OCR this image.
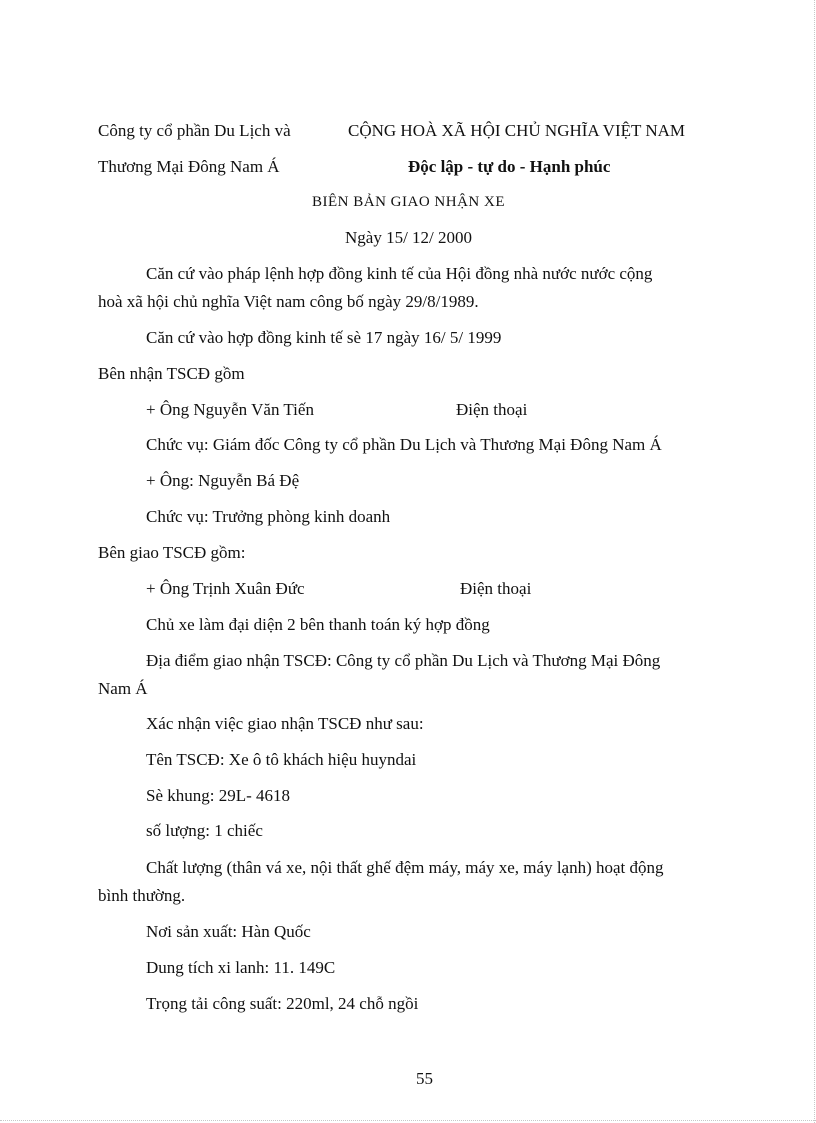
Công ty cổ phần Du Lịch và	CỘNG HOÀ XÃ HỘI CHỦ NGHĨA VIỆT NAM
Thương Mại Đông Nam Á	Độc lập - tự do - Hạnh phúc
BIÊN BẢN GIAO NHẬN XE
Ngày 15/ 12/ 2000
Căn cứ vào pháp lệnh hợp đồng kinh tế của Hội đồng nhà nước nước cộng
hoà xã hội chủ nghĩa Việt nam công bố ngày 29/8/1989.
Căn cứ vào hợp đồng kinh tế sè 17 ngày 16/ 5/ 1999
Bên nhận TSCĐ gồm
+ Ông Nguyễn Văn Tiến	Điện thoại
Chức vụ: Giám đốc Công ty cổ phần Du Lịch và Thương Mại Đông Nam Á
+ Ông: Nguyễn Bá Đệ
Chức vụ: Trưởng phòng kinh doanh
Bên giao TSCĐ gồm:
+ Ông Trịnh Xuân Đức	Điện thoại
Chủ xe làm đại diện 2 bên thanh toán ký hợp đồng
Địa điểm giao nhận TSCĐ: Công ty cổ phần Du Lịch và Thương Mại Đông
Nam Á
Xác nhận việc giao nhận TSCĐ như sau:
Tên TSCĐ: Xe ô tô khách hiệu huyndai
Sè khung: 29L- 4618
số lượng: 1 chiếc
Chất lượng (thân vá xe, nội thất ghế đệm máy, máy xe, máy lạnh) hoạt động
bình thường.
Nơi sản xuất: Hàn Quốc
Dung tích xi lanh: 11. 149C
Trọng tải công suất: 220ml, 24 chỗ ngồi
55
